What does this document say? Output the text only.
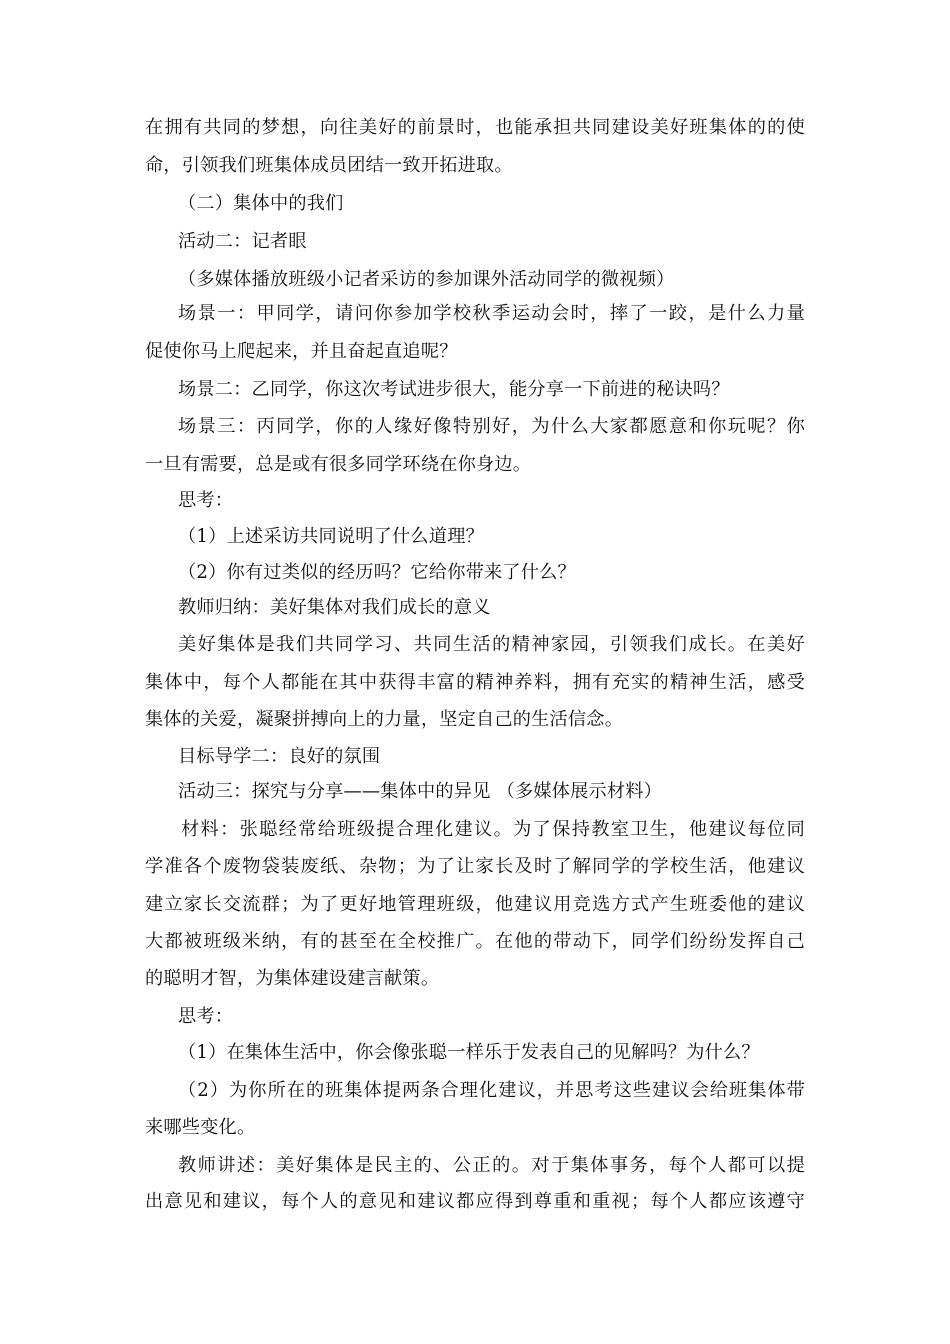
在拥有共同的梦想，向往美好的前景时，也能承担共同建设美好班集体的的使
命，引领我们班集体成员团结一致开拓进取。
（二）集体中的我们
活动二：记者眼
（多媒体播放班级小记者采访的参加课外活动同学的微视频）
场景一：甲同学，请问你参加学校秋季运动会时，摔了一跤，是什么力量
促使你马上爬起来，并且奋起直追呢？
场景二：乙同学，你这次考试进步很大，能分享一下前进的秘诀吗？
场景三：丙同学，你的人缘好像特别好，为什么大家都愿意和你玩呢？你
一旦有需要，总是或有很多同学环绕在你身边。
思考：
（1）上述采访共同说明了什么道理？
（2）你有过类似的经历吗？它给你带来了什么？
教师归纳：美好集体对我们成长的意义
美好集体是我们共同学习、共同生活的精神家园，引领我们成长。在美好
集体中，每个人都能在其中获得丰富的精神养料，拥有充实的精神生活，感受
集体的关爱，凝聚拼搏向上的力量，坚定自己的生活信念。
目标导学二：良好的氛围
活动三：探究与分享——集体中的异见 （多媒体展示材料）
材料：张聪经常给班级提合理化建议。为了保持教室卫生，他建议每位同
学准各个废物袋装废纸、杂物；为了让家长及时了解同学的学校生活，他建议
建立家长交流群；为了更好地管理班级，他建议用竞选方式产生班委他的建议
大都被班级米纳，有的甚至在全校推广。在他的带动下，同学们纷纷发挥自己
的聪明才智，为集体建设建言献策。
思考：
（1）在集体生活中，你会像张聪一样乐于发表自己的见解吗？为什么？
（2）为你所在的班集体提两条合理化建议，并思考这些建议会给班集体带
来哪些变化。
教师讲述：美好集体是民主的、公正的。对于集体事务，每个人都可以提
出意见和建议，每个人的意见和建议都应得到尊重和重视；每个人都应该遵守
